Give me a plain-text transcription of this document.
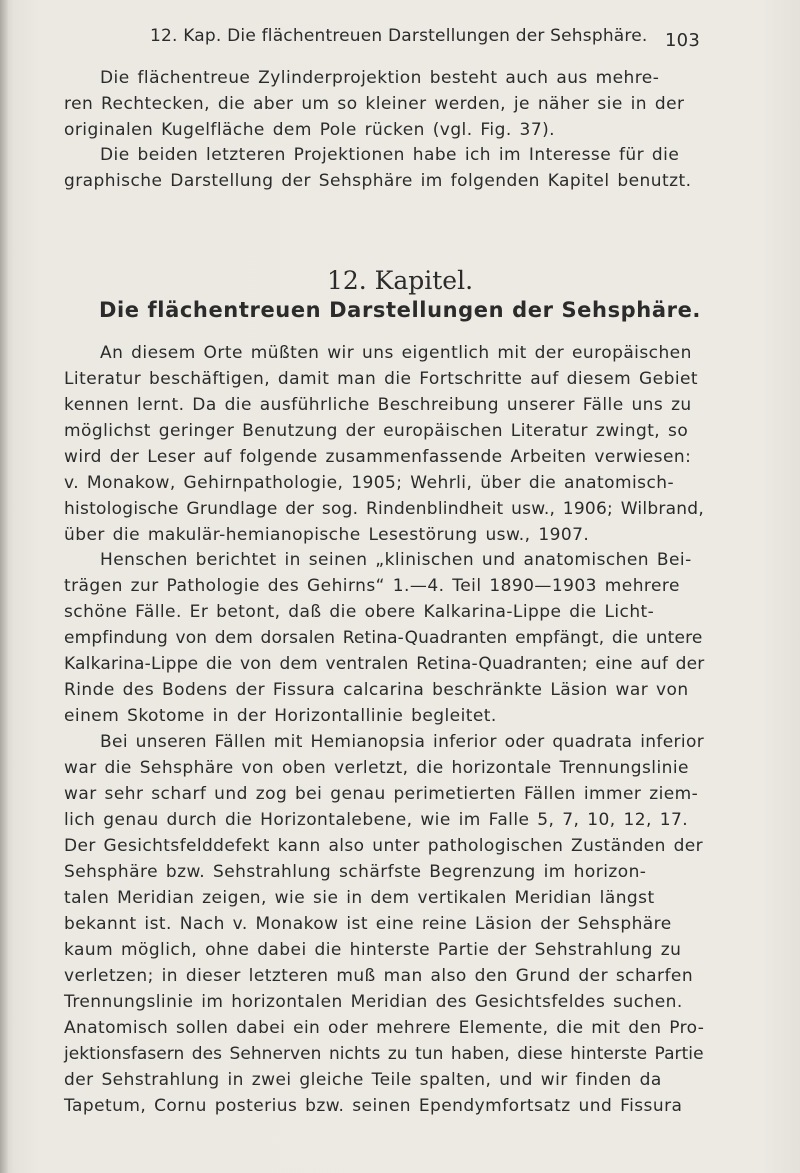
12. Kap. Die flächentreuen Darstellungen der Sehsphäre. 103
Die flächentreue Zylinderprojektion besteht auch aus mehre-
ren Rechtecken, die aber um so kleiner werden, je näher sie in der
originalen Kugelfläche dem Pole rücken (vgl. Fig. 37).
Die beiden letzteren Projektionen habe ich im Interesse für die
graphische Darstellung der Sehsphäre im folgenden Kapitel benutzt.
12. Kapitel.
Die flächentreuen Darstellungen der Sehsphäre.
An diesem Orte müßten wir uns eigentlich mit der europäischen
Literatur beschäftigen, damit man die Fortschritte auf diesem Gebiet
kennen lernt. Da die ausführliche Beschreibung unserer Fälle uns zu
möglichst geringer Benutzung der europäischen Literatur zwingt, so
wird der Leser auf folgende zusammenfassende Arbeiten verwiesen:
v. Monakow, Gehirnpathologie, 1905; Wehrli, über die anatomisch-
histologische Grundlage der sog. Rindenblindheit usw., 1906; Wilbrand,
über die makulär-hemianopische Lesestörung usw., 1907.
Henschen berichtet in seinen „klinischen und anatomischen Bei-
trägen zur Pathologie des Gehirns“ 1.—4. Teil 1890—1903 mehrere
schöne Fälle. Er betont, daß die obere Kalkarina-Lippe die Licht-
empfindung von dem dorsalen Retina-Quadranten empfängt, die untere
Kalkarina-Lippe die von dem ventralen Retina-Quadranten; eine auf der
Rinde des Bodens der Fissura calcarina beschränkte Läsion war von
einem Skotome in der Horizontallinie begleitet.
Bei unseren Fällen mit Hemianopsia inferior oder quadrata inferior
war die Sehsphäre von oben verletzt, die horizontale Trennungslinie
war sehr scharf und zog bei genau perimetierten Fällen immer ziem-
lich genau durch die Horizontalebene, wie im Falle 5, 7, 10, 12, 17.
Der Gesichtsfelddefekt kann also unter pathologischen Zuständen der
Sehsphäre bzw. Sehstrahlung schärfste Begrenzung im horizon-
talen Meridian zeigen, wie sie in dem vertikalen Meridian längst
bekannt ist. Nach v. Monakow ist eine reine Läsion der Sehsphäre
kaum möglich, ohne dabei die hinterste Partie der Sehstrahlung zu
verletzen; in dieser letzteren muß man also den Grund der scharfen
Trennungslinie im horizontalen Meridian des Gesichtsfeldes suchen.
Anatomisch sollen dabei ein oder mehrere Elemente, die mit den Pro-
jektionsfasern des Sehnerven nichts zu tun haben, diese hinterste Partie
der Sehstrahlung in zwei gleiche Teile spalten, und wir finden da
Tapetum, Cornu posterius bzw. seinen Ependymfortsatz und Fissura
